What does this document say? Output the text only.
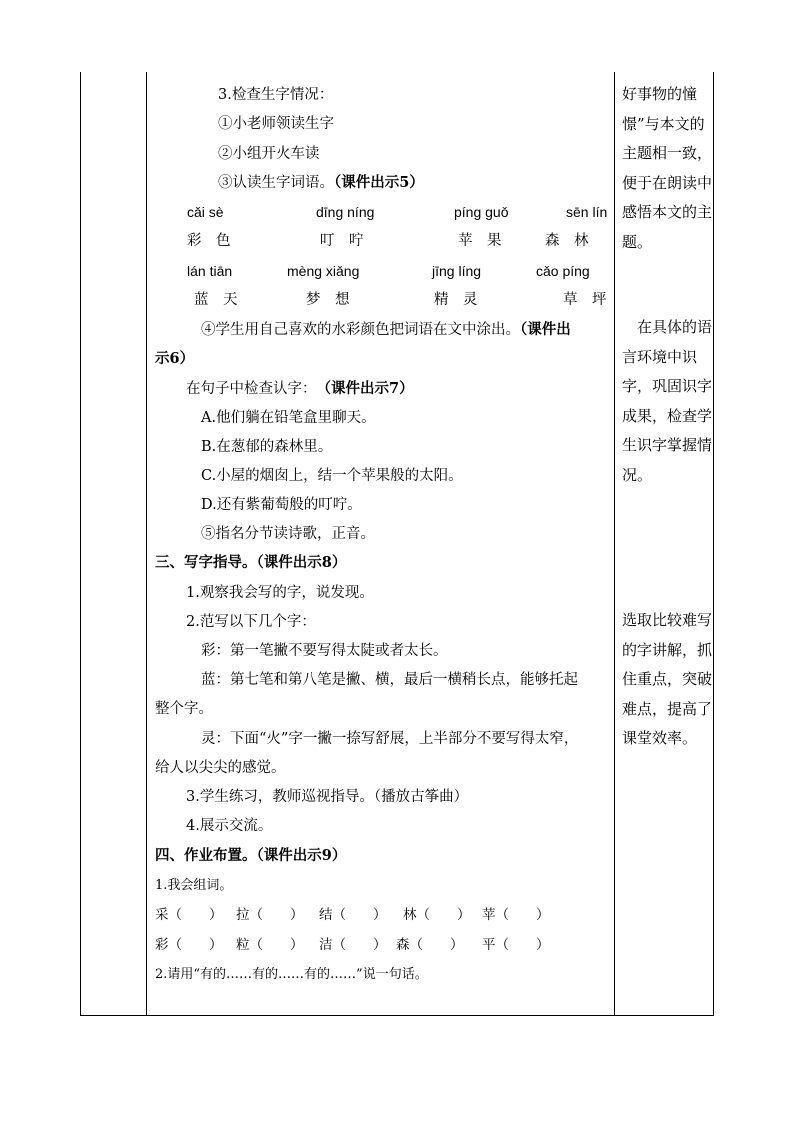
3.检查生字情况：
①小老师领读生字
②小组开火车读
③认读生字词语。（课件出示5）
cǎi sè	dīng níng	píng guǒ	sēn lín
彩　色	叮　咛	苹　果	森　林
lán tiān	mèng xiǎng	jīng líng	cǎo píng
蓝　天	梦　想	精　灵	草　坪
④学生用自己喜欢的水彩颜色把词语在文中涂出。（课件出
示6）
在句子中检查认字：　 （课件出示7）
A.他们躺在铅笔盒里聊天。
B.在葱郁的森林里。
C.小屋的烟囱上，结一个苹果般的太阳。
D.还有紫葡萄般的叮咛。
⑤指名分节读诗歌，正音。
三、写字指导。（课件出示8）
1.观察我会写的字，说发现。
2.范写以下几个字：
彩：第一笔撇不要写得太陡或者太长。
蓝：第七笔和第八笔是撇、横，最后一横稍长点，能够托起
整个字。
灵：下面“火”字一撇一捺写舒展，上半部分不要写得太窄，
给人以尖尖的感觉。
3.学生练习，教师巡视指导。（播放古筝曲）
4.展示交流。
四、作业布置。（课件出示9）
1.我会组词。
采（　　） 拉（　　） 结（　　） 林（　　） 苹（　　）
彩（　　） 粒（　　） 洁（　　） 森（　　） 平（　　）
2.请用“有的……有的……有的……”说一句话。
好事物的憧憬”与本文的主题相一致，便于在朗读中感悟本文的主题。
　在具体的语言环境中识字，巩固识字成果，检查学生识字掌握情况。
选取比较难写的字讲解，抓住重点，突破难点，提高了课堂效率。
